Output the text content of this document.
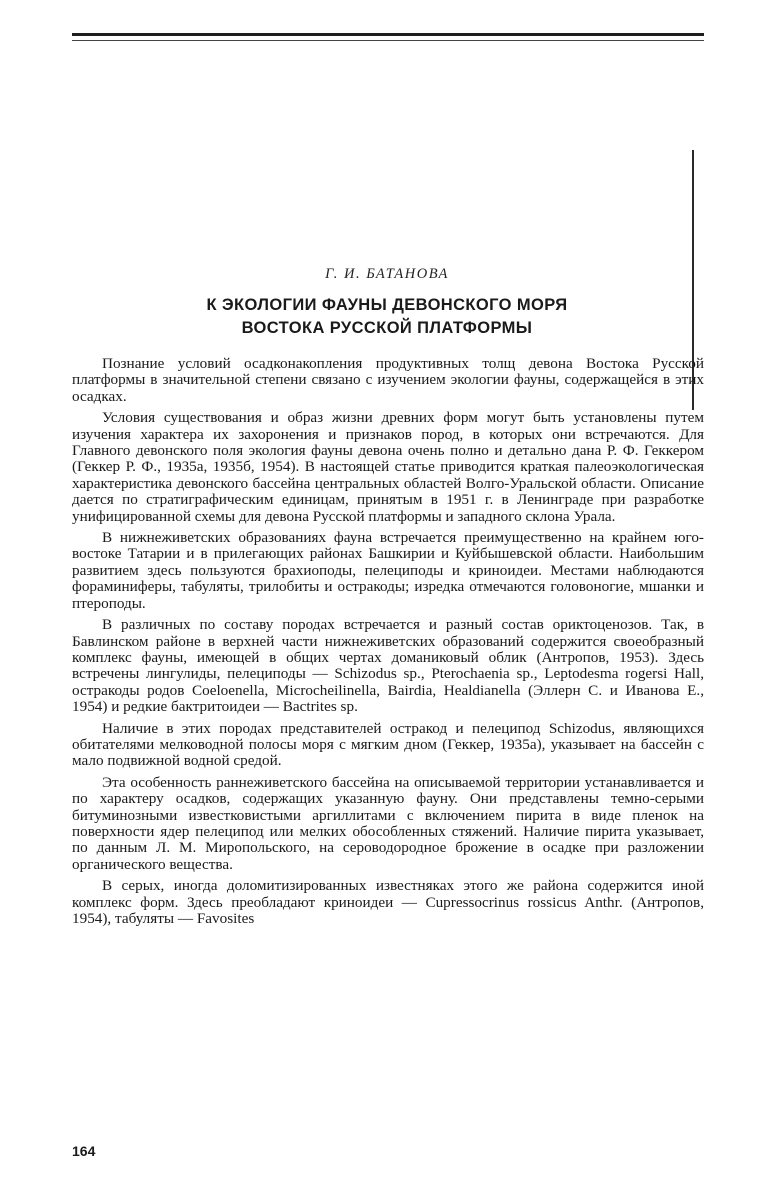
Г. И. БАТАНОВА
К ЭКОЛОГИИ ФАУНЫ ДЕВОНСКОГО МОРЯ
ВОСТОКА РУССКОЙ ПЛАТФОРМЫ

Познание условий осадконакопления продуктивных толщ девона Востока Русской платформы в значительной степени связано с изучением экологии фауны, содержащейся в этих осадках.

Условия существования и образ жизни древних форм могут быть установлены путем изучения характера их захоронения и признаков пород, в которых они встречаются. Для Главного девонского поля экология фауны девона очень полно и детально дана Р. Ф. Геккером (Геккер Р. Ф., 1935а, 1935б, 1954). В настоящей статье приводится краткая палеоэкологическая характеристика девонского бассейна центральных областей Волго-Уральской области. Описание дается по стратиграфическим единицам, принятым в 1951 г. в Ленинграде при разработке унифицированной схемы для девона Русской платформы и западного склона Урала.

В нижнеживетских образованиях фауна встречается преимущественно на крайнем юго-востоке Татарии и в прилегающих районах Башкирии и Куйбышевской области. Наибольшим развитием здесь пользуются брахиоподы, пелециподы и криноидеи. Местами наблюдаются фораминиферы, табуляты, трилобиты и остракоды; изредка отмечаются головоногие, мшанки и птероподы.

В различных по составу породах встречается и разный состав ориктоценозов. Так, в Бавлинском районе в верхней части нижнеживетских образований содержится своеобразный комплекс фауны, имеющей в общих чертах доманиковый облик (Антропов, 1953). Здесь встречены лингулиды, пелециподы — Schizodus sp., Pterochaenia sp., Leptodesma rogersi Hall, остракоды родов Coeloenella, Microcheilinella, Bairdia, Healdianella (Эллерн С. и Иванова Е., 1954) и редкие бактритоидеи — Bactrites sp.

Наличие в этих породах представителей остракод и пелеципод Schizodus, являющихся обитателями мелководной полосы моря с мягким дном (Геккер, 1935а), указывает на бассейн с мало подвижной водной средой.

Эта особенность раннеживетского бассейна на описываемой территории устанавливается и по характеру осадков, содержащих указанную фауну. Они представлены темно-серыми битуминозными известковистыми аргиллитами с включением пирита в виде пленок на поверхности ядер пелеципод или мелких обособленных стяжений. Наличие пирита указывает, по данным Л. М. Миропольского, на сероводородное брожение в осадке при разложении органического вещества.

В серых, иногда доломитизированных известняках этого же района содержится иной комплекс форм. Здесь преобладают криноидеи — Cupressocrinus rossicus Anthr. (Антропов, 1954), табуляты — Favosites

164
